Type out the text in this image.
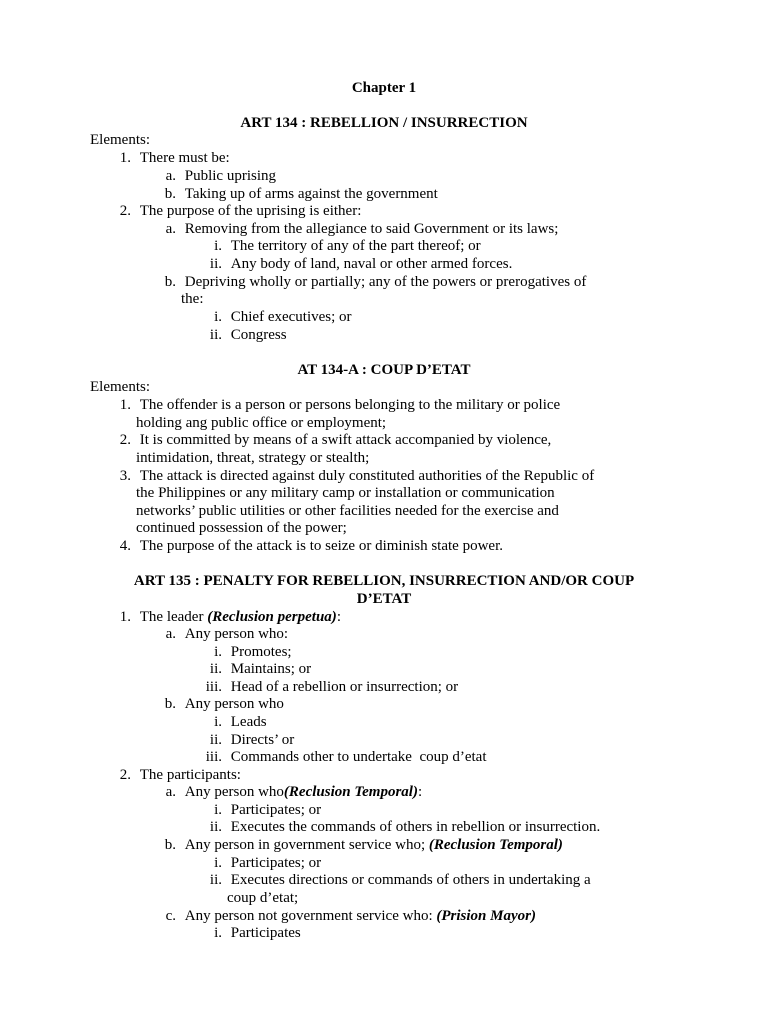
Chapter 1
ART 134 : REBELLION / INSURRECTION
Elements:
1. There must be:
a. Public uprising
b. Taking up of arms against the government
2. The purpose of the uprising is either:
a. Removing from the allegiance to said Government or its laws;
i. The territory of any of the part thereof; or
ii. Any body of land, naval or other armed forces.
b. Depriving wholly or partially; any of the powers or prerogatives of
the:
i. Chief executives; or
ii. Congress
AT 134-A : COUP D’ETAT
Elements:
1. The offender is a person or persons belonging to the military or police
holding ang public office or employment;
2. It is committed by means of a swift attack accompanied by violence,
intimidation, threat, strategy or stealth;
3. The attack is directed against duly constituted authorities of the Republic of
the Philippines or any military camp or installation or communication
networks’ public utilities or other facilities needed for the exercise and
continued possession of the power;
4. The purpose of the attack is to seize or diminish state power.
ART 135 : PENALTY FOR REBELLION, INSURRECTION AND/OR COUP
D’ETAT
1. The leader (Reclusion perpetua):
a. Any person who:
i. Promotes;
ii. Maintains; or
iii. Head of a rebellion or insurrection; or
b. Any person who
i. Leads
ii. Directs’ or
iii. Commands other to undertake  coup d’etat
2. The participants:
a. Any person who(Reclusion Temporal):
i. Participates; or
ii. Executes the commands of others in rebellion or insurrection.
b. Any person in government service who; (Reclusion Temporal)
i. Participates; or
ii. Executes directions or commands of others in undertaking a
coup d’etat;
c. Any person not government service who: (Prision Mayor)
i. Participates
